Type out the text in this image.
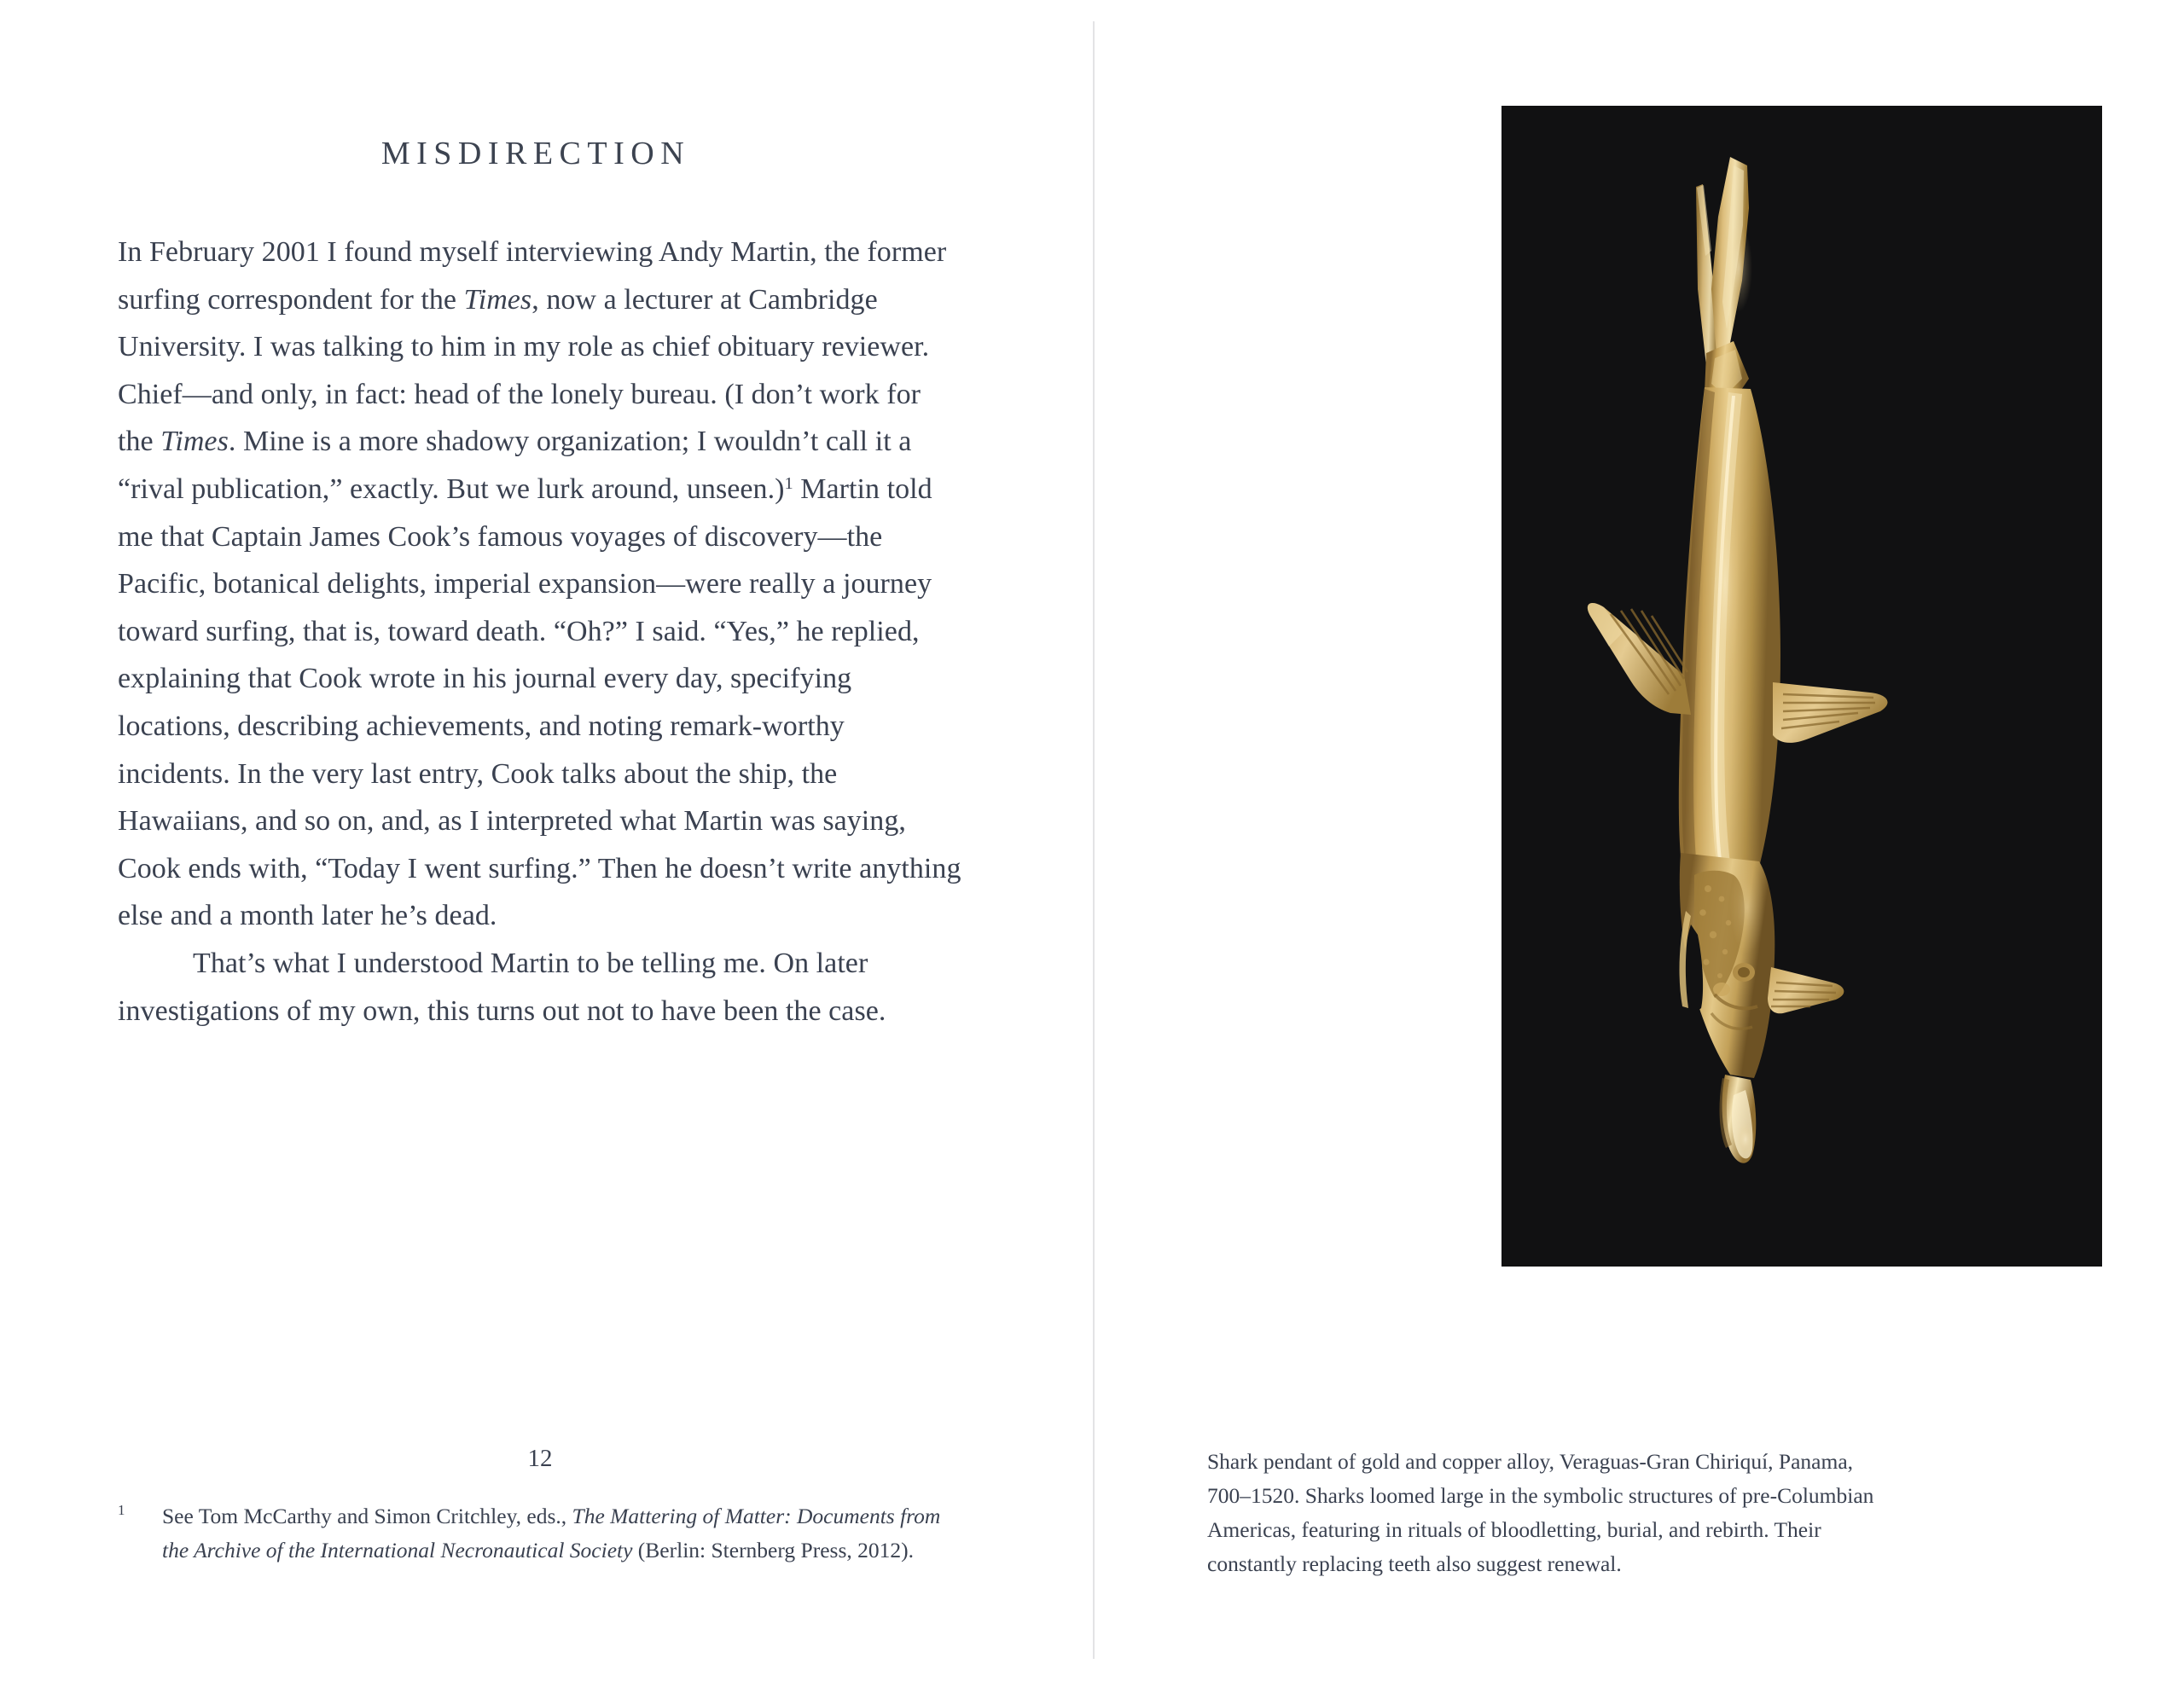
MISDIRECTION

In February 2001 I found myself interviewing Andy Martin, the former surfing correspondent for the Times, now a lecturer at Cambridge University. I was talking to him in my role as chief obituary reviewer. Chief—and only, in fact: head of the lonely bureau. (I don’t work for the Times. Mine is a more shadowy organization; I wouldn’t call it a “rival publication,” exactly. But we lurk around, unseen.)$^1$ Martin told me that Captain James Cook’s famous voyages of discovery—the Pacific, botanical delights, imperial expansion—were really a journey toward surfing, that is, toward death. “Oh?” I said. “Yes,” he replied, explaining that Cook wrote in his journal every day, specifying locations, describing achievements, and noting remark-worthy incidents. In the very last entry, Cook talks about the ship, the Hawaiians, and so on, and, as I interpreted what Martin was saying, Cook ends with, “Today I went surfing.” Then he doesn’t write anything else and a month later he’s dead.

That’s what I understood Martin to be telling me. On later investigations of my own, this turns out not to have been the case.

12
1 See Tom McCarthy and Simon Critchley, eds., The Mattering of Matter: Documents from the Archive of the International Necronautical Society (Berlin: Sternberg Press, 2012).
Shark pendant of gold and copper alloy, Veraguas-Gran Chiriquí, Panama, 700–1520. Sharks loomed large in the symbolic structures of pre-Columbian Americas, featuring in rituals of bloodletting, burial, and rebirth. Their constantly replacing teeth also suggest renewal.
